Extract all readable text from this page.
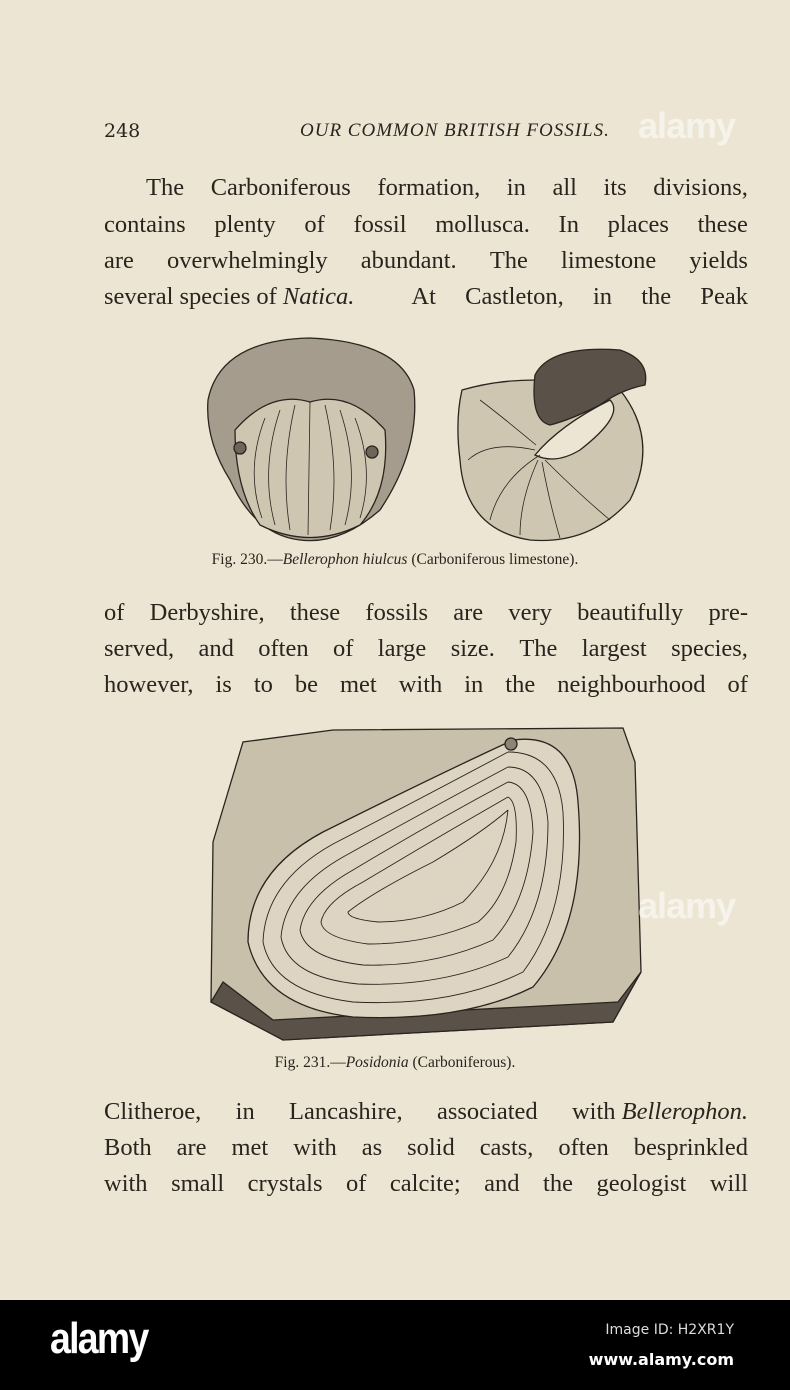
248	OUR COMMON BRITISH FOSSILS.
The Carboniferous formation, in all its divisions,
contains plenty of fossil mollusca. In places these
are overwhelmingly abundant. The limestone yields
several species of Natica. At Castleton, in the Peak
Fig. 230.—Bellerophon hiulcus (Carboniferous limestone).
of Derbyshire, these fossils are very beautifully pre-
served, and often of large size. The largest species,
however, is to be met with in the neighbourhood of
Fig. 231.—Posidonia (Carboniferous).
Clitheroe, in Lancashire, associated with Bellerophon.
Both are met with as solid casts, often besprinkled
with small crystals of calcite; and the geologist will
alamy
alamy
alamy	Image ID: H2XR1Y
www.alamy.com
